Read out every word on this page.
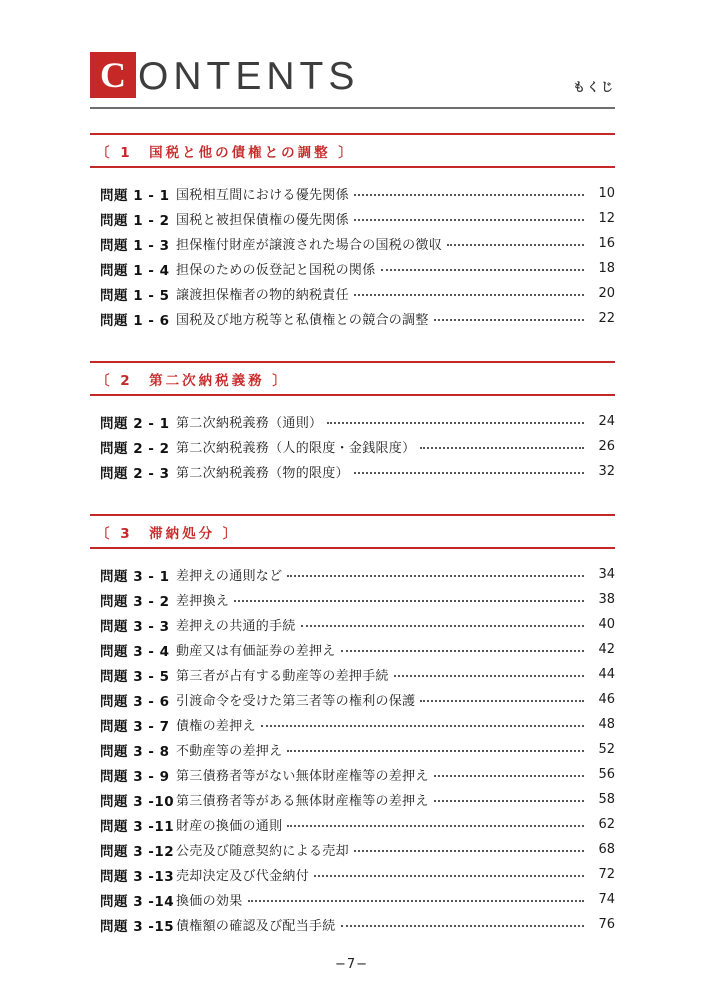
C ONTENTS	もくじ
〔 1　国税と他の債権との調整 〕
問題 1 - 1 国税相互間における優先関係	10
問題 1 - 2 国税と被担保債権の優先関係	12
問題 1 - 3 担保権付財産が譲渡された場合の国税の徴収	16
問題 1 - 4 担保のための仮登記と国税の関係	18
問題 1 - 5 譲渡担保権者の物的納税責任	20
問題 1 - 6 国税及び地方税等と私債権との競合の調整	22
〔 2　第二次納税義務 〕
問題 2 - 1 第二次納税義務（通則）	24
問題 2 - 2 第二次納税義務（人的限度・金銭限度）	26
問題 2 - 3 第二次納税義務（物的限度）	32
〔 3　滞納処分 〕
問題 3 - 1 差押えの通則など	34
問題 3 - 2 差押換え	38
問題 3 - 3 差押えの共通的手続	40
問題 3 - 4 動産又は有価証券の差押え	42
問題 3 - 5 第三者が占有する動産等の差押手続	44
問題 3 - 6 引渡命令を受けた第三者等の権利の保護	46
問題 3 - 7 債権の差押え	48
問題 3 - 8 不動産等の差押え	52
問題 3 - 9 第三債務者等がない無体財産権等の差押え	56
問題 3 -10 第三債務者等がある無体財産権等の差押え	58
問題 3 -11 財産の換価の通則	62
問題 3 -12 公売及び随意契約による売却	68
問題 3 -13 売却決定及び代金納付	72
問題 3 -14 換価の効果	74
問題 3 -15 債権額の確認及び配当手続	76
−7−
